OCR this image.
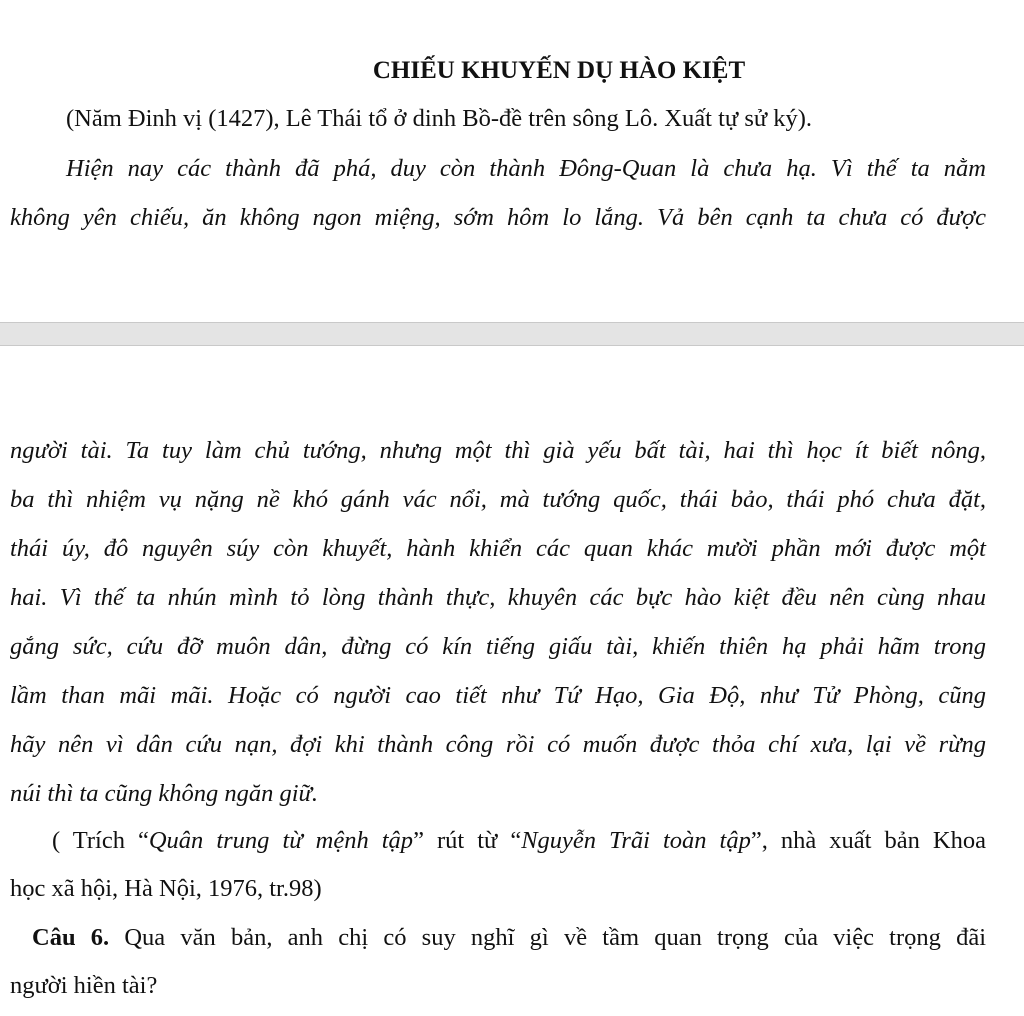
CHIẾU KHUYẾN DỤ HÀO KIỆT
(Năm Đinh vị (1427), Lê Thái tổ ở dinh Bồ-đề trên sông Lô. Xuất tự sử ký).
Hiện nay các thành đã phá, duy còn thành Đông-Quan là chưa hạ. Vì thế ta nằm
không yên chiếu, ăn không ngon miệng, sớm hôm lo lắng. Vả bên cạnh ta chưa có được
người tài. Ta tuy làm chủ tướng, nhưng một thì già yếu bất tài, hai thì học ít biết nông,
ba thì nhiệm vụ nặng nề khó gánh vác nổi, mà tướng quốc, thái bảo, thái phó chưa đặt,
thái úy, đô nguyên súy còn khuyết, hành khiển các quan khác mười phần mới được một
hai. Vì thế ta nhún mình tỏ lòng thành thực, khuyên các bực hào kiệt đều nên cùng nhau
gắng sức, cứu đỡ muôn dân, đừng có kín tiếng giấu tài, khiến thiên hạ phải hãm trong
lầm than mãi mãi. Hoặc có người cao tiết như Tứ Hạo, Gia Độ, như Tử Phòng, cũng
hãy nên vì dân cứu nạn, đợi khi thành công rồi có muốn được thỏa chí xưa, lại về rừng
núi thì ta cũng không ngăn giữ.
( Trích “Quân trung từ mệnh tập” rút từ “Nguyễn Trãi toàn tập”, nhà xuất bản Khoa
học xã hội, Hà Nội, 1976, tr.98)
Câu 6. Qua văn bản, anh chị có suy nghĩ gì về tầm quan trọng của việc trọng đãi
người hiền tài?
